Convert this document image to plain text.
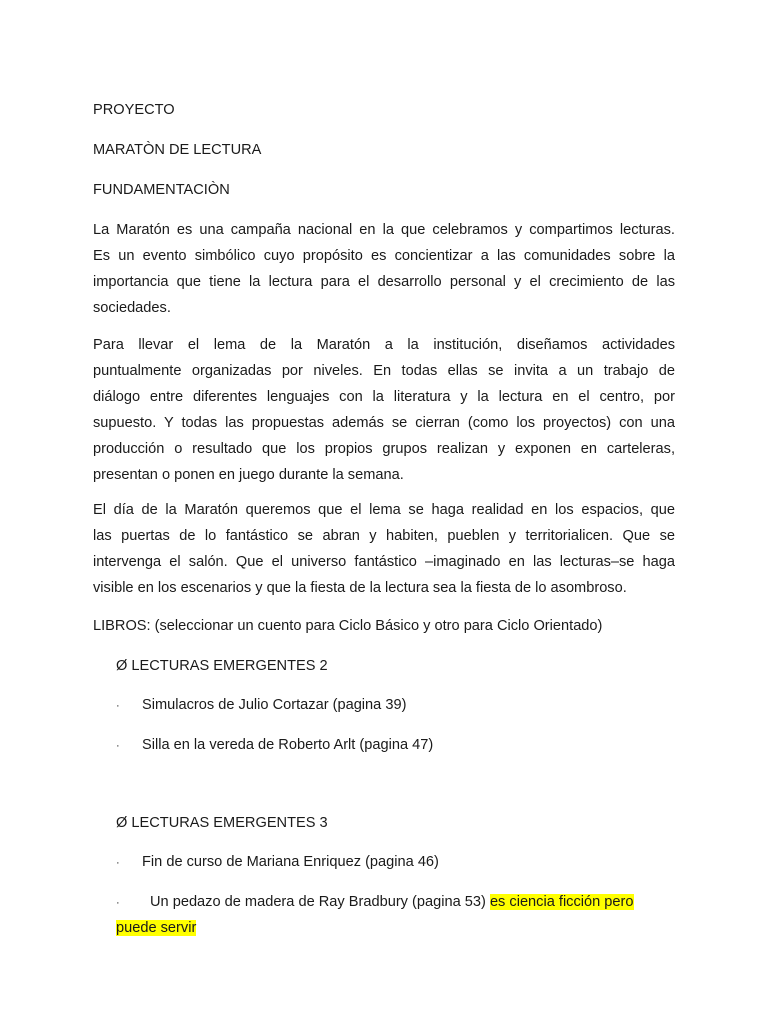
PROYECTO
MARATÒN DE LECTURA
FUNDAMENTACIÒN
La Maratón es una campaña nacional en la que celebramos y compartimos lecturas.
Es un evento simbólico cuyo propósito es concientizar a las comunidades sobre la
importancia que tiene la lectura para el desarrollo personal y el crecimiento de las
sociedades.
Para llevar el lema de la Maratón a la institución, diseñamos actividades
puntualmente organizadas por niveles. En todas ellas se invita a un trabajo de
diálogo entre diferentes lenguajes con la literatura y la lectura en el centro, por
supuesto. Y todas las propuestas además se cierran (como los proyectos) con una
producción o resultado que los propios grupos realizan y exponen en carteleras,
presentan o ponen en juego durante la semana.
El día de la Maratón queremos que el lema se haga realidad en los espacios, que
las puertas de lo fantástico se abran y habiten, pueblen y territorialicen. Que se
intervenga el salón. Que el universo fantástico –imaginado en las lecturas–se haga
visible en los escenarios y que la fiesta de la lectura sea la fiesta de lo asombroso.
LIBROS: (seleccionar un cuento para Ciclo Básico y otro para Ciclo Orientado)
Ø LECTURAS EMERGENTES 2
· Simulacros de Julio Cortazar (pagina 39)
· Silla en la vereda de Roberto Arlt (pagina 47)
Ø LECTURAS EMERGENTES 3
· Fin de curso de Mariana Enriquez (pagina 46)
· Un pedazo de madera de Ray Bradbury (pagina 53) es ciencia ficción pero
puede servir
